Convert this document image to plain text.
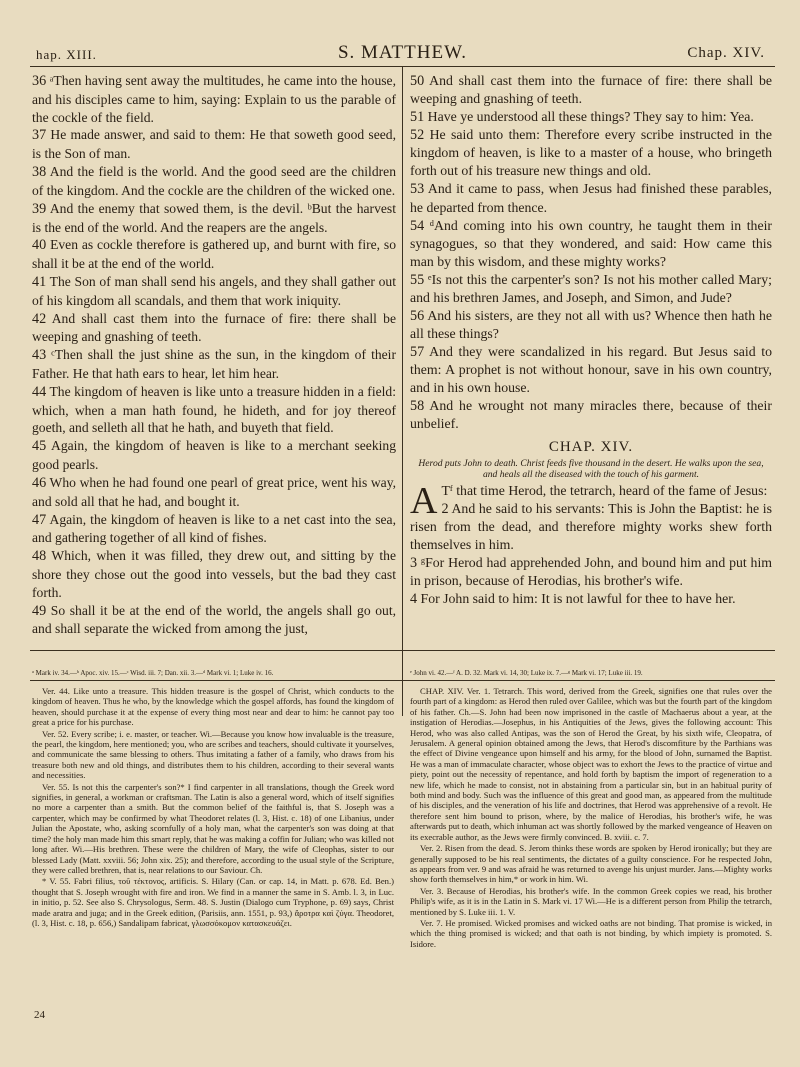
hap. XIII.	S. MATTHEW.	Chap. XIV.

36 ᵃThen having sent away the multitudes, he came into the house, and his disciples came to him, saying: Explain to us the parable of the cockle of the field.

37 He made answer, and said to them: He that soweth good seed, is the Son of man.

38 And the field is the world. And the good seed are the children of the kingdom. And the cockle are the children of the wicked one.

39 And the enemy that sowed them, is the devil. ᵇBut the harvest is the end of the world. And the reapers are the angels.

40 Even as cockle therefore is gathered up, and burnt with fire, so shall it be at the end of the world.

41 The Son of man shall send his angels, and they shall gather out of his kingdom all scandals, and them that work iniquity.

42 And shall cast them into the furnace of fire: there shall be weeping and gnashing of teeth.

43 ᶜThen shall the just shine as the sun, in the kingdom of their Father. He that hath ears to hear, let him hear.

44 The kingdom of heaven is like unto a treasure hidden in a field: which, when a man hath found, he hideth, and for joy thereof goeth, and selleth all that he hath, and buyeth that field.

45 Again, the kingdom of heaven is like to a merchant seeking good pearls.

46 Who when he had found one pearl of great price, went his way, and sold all that he had, and bought it.

47 Again, the kingdom of heaven is like to a net cast into the sea, and gathering together of all kind of fishes.

48 Which, when it was filled, they drew out, and sitting by the shore they chose out the good into vessels, but the bad they cast forth.

49 So shall it be at the end of the world, the angels shall go out, and shall separate the wicked from among the just,

50 And shall cast them into the furnace of fire: there shall be weeping and gnashing of teeth.

51 Have ye understood all these things? They say to him: Yea.

52 He said unto them: Therefore every scribe instructed in the kingdom of heaven, is like to a master of a house, who bringeth forth out of his treasure new things and old.

53 And it came to pass, when Jesus had finished these parables, he departed from thence.

54 ᵈAnd coming into his own country, he taught them in their synagogues, so that they wondered, and said: How came this man by this wisdom, and these mighty works?

55 ᵉIs not this the carpenter's son? Is not his mother called Mary; and his brethren James, and Joseph, and Simon, and Jude?

56 And his sisters, are they not all with us? Whence then hath he all these things?

57 And they were scandalized in his regard. But Jesus said to them: A prophet is not without honour, save in his own country, and in his own house.

58 And he wrought not many miracles there, because of their unbelief.

CHAP. XIV.
Herod puts John to death. Christ feeds five thousand in the desert. He walks upon the sea, and heals all the diseased with the touch of his garment.

ATᶠ that time Herod, the tetrarch, heard of the fame of Jesus:

2 And he said to his servants: This is John the Baptist: he is risen from the dead, and therefore mighty works shew forth themselves in him.

3 ᵍFor Herod had apprehended John, and bound him and put him in prison, because of Herodias, his brother's wife.

4 For John said to him: It is not lawful for thee to have her.

ᵃ Mark iv. 34.—ᵇ Apoc. xiv. 15.—ᶜ Wisd. iii. 7; Dan. xii. 3.—ᵈ Mark vi. 1; Luke iv. 16.	ᵉ John vi. 42.—ᶠ A. D. 32. Mark vi. 14, 30; Luke ix. 7.—ᵍ Mark vi. 17; Luke iii. 19.

Ver. 44. Like unto a treasure. This hidden treasure is the gospel of Christ, which conducts to the kingdom of heaven. Thus he who, by the knowledge which the gospel affords, has found the kingdom of heaven, should purchase it at the expense of every thing most near and dear to him: he cannot pay too great a price for his purchase.

Ver. 52. Every scribe; i. e. master, or teacher. Wi.—Because you know how invaluable is the treasure, the pearl, the kingdom, here mentioned; you, who are scribes and teachers, should cultivate it yourselves, and communicate the same blessing to others. Thus imitating a father of a family, who draws from his treasure both new and old things, and distributes them to his children, according to their several wants and necessities.

Ver. 55. Is not this the carpenter's son?* I find carpenter in all translations, though the Greek word signifies, in general, a workman or craftsman. The Latin is also a general word, which of itself signifies no more a carpenter than a smith. But the common belief of the faithful is, that S. Joseph was a carpenter, which may be confirmed by what Theodoret relates (l. 3, Hist. c. 18) of one Libanius, under Julian the Apostate, who, asking scornfully of a holy man, what the carpenter's son was doing at that time? the holy man made him this smart reply, that he was making a coffin for Julian; who was killed not long after. Wi.—His brethren. These were the children of Mary, the wife of Cleophas, sister to our blessed Lady (Matt. xxviii. 56; John xix. 25); and therefore, according to the usual style of the Scripture, they were called brethren, that is, near relations to our Saviour. Ch.

* V. 55. Fabri filius, τοῦ τέκτονος, artificis. S. Hilary (Can. or cap. 14, in Matt. p. 678. Ed. Ben.) thought that S. Joseph wrought with fire and iron. We find in a manner the same in S. Amb. l. 3, in Luc. in initio, p. 52. See also S. Chrysologus, Serm. 48. S. Justin (Dialogo cum Tryphone, p. 69) says, Christ made aratra and juga; and in the Greek edition, (Parisiis, ann. 1551, p. 93,) ἄροτρα καὶ ζύγα. Theodoret, (l. 3, Hist. c. 18, p. 656,) Sandalipam fabricat, γλωσσόκομον κατασκευάζει.

CHAP. XIV. Ver. 1. Tetrarch. This word, derived from the Greek, signifies one that rules over the fourth part of a kingdom: as Herod then ruled over Galilee, which was but the fourth part of the kingdom of his father. Ch.—S. John had been now imprisoned in the castle of Machaerus about a year, at the instigation of Herodias.—Josephus, in his Antiquities of the Jews, gives the following account: This Herod, who was also called Antipas, was the son of Herod the Great, by his sixth wife, Cleopatra, of Jerusalem. A general opinion obtained among the Jews, that Herod's discomfiture by the Parthians was the effect of Divine vengeance upon himself and his army, for the blood of John, surnamed the Baptist. He was a man of immaculate character, whose object was to exhort the Jews to the practice of virtue and piety, point out the necessity of repentance, and hold forth by baptism the import of regeneration to a new life, which he made to consist, not in abstaining from a particular sin, but in an habitual purity of both mind and body. Such was the influence of this great and good man, as appeared from the multitude of his disciples, and the veneration of his life and doctrines, that Herod was apprehensive of a revolt. He therefore sent him bound to prison, where, by the malice of Herodias, his brother's wife, he was afterwards put to death, which inhuman act was shortly followed by the marked vengeance of Heaven on its execrable author, as the Jews were firmly convinced. B. xviii. c. 7.

Ver. 2. Risen from the dead. S. Jerom thinks these words are spoken by Herod ironically; but they are generally supposed to be his real sentiments, the dictates of a guilty conscience. For he respected John, as appears from ver. 9 and was afraid he was returned to avenge his unjust murder. Jans.—Mighty works show forth themselves in him,* or work in him. Wi.

Ver. 3. Because of Herodias, his brother's wife. In the common Greek copies we read, his brother Philip's wife, as it is in the Latin in S. Mark vi. 17 Wi.—He is a different person from Philip the tetrarch, mentioned by S. Luke iii. 1. V.

Ver. 7. He promised. Wicked promises and wicked oaths are not binding. That promise is wicked, in which the thing promised is wicked; and that oath is not binding, by which impiety is promoted. S. Isidore.

24
